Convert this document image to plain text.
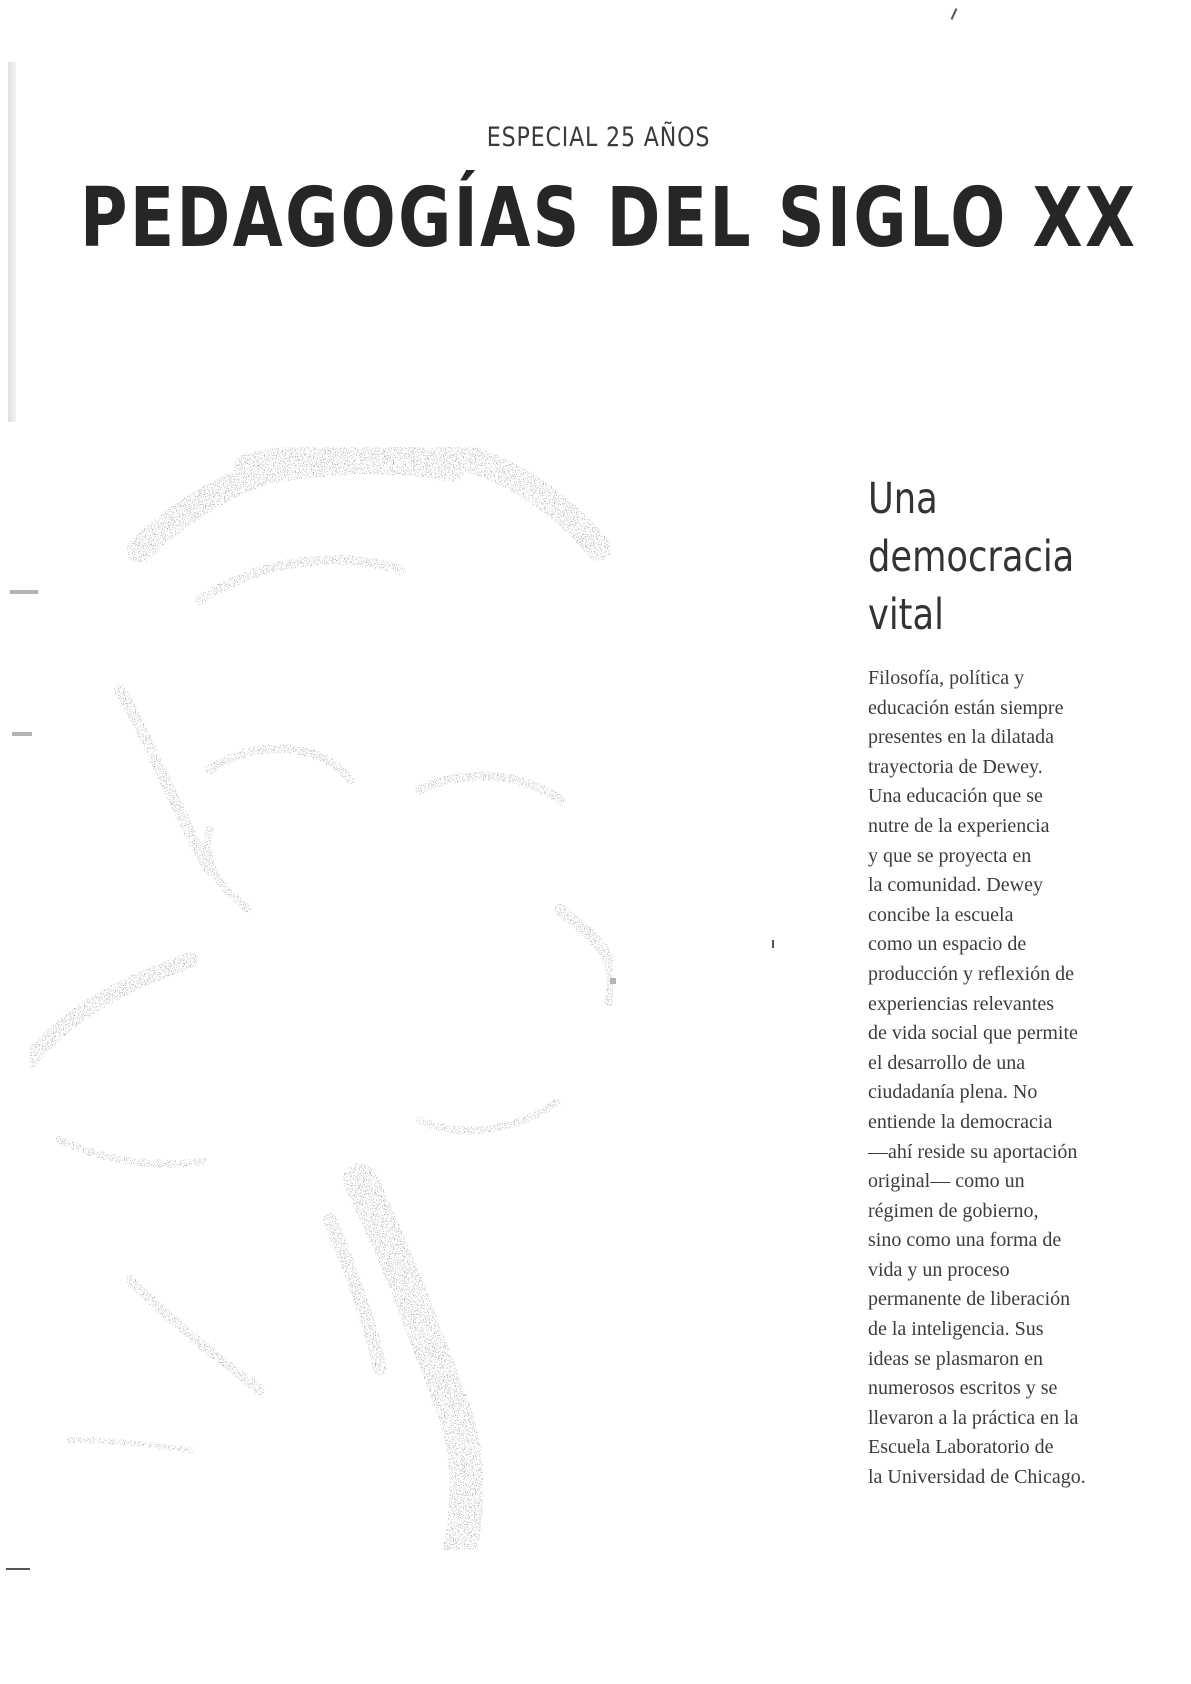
ESPECIAL 25 AÑOS
PEDAGOGÍAS DEL SIGLO XX
Una
democracia
vital

Filosofía, política y
educación están siempre
presentes en la dilatada
trayectoria de Dewey.
Una educación que se
nutre de la experiencia
y que se proyecta en
la comunidad. Dewey
concibe la escuela
como un espacio de
producción y reflexión de
experiencias relevantes
de vida social que permite
el desarrollo de una
ciudadanía plena. No
entiende la democracia
—ahí reside su aportación
original— como un
régimen de gobierno,
sino como una forma de
vida y un proceso
permanente de liberación
de la inteligencia. Sus
ideas se plasmaron en
numerosos escritos y se
llevaron a la práctica en la
Escuela Laboratorio de
la Universidad de Chicago.
